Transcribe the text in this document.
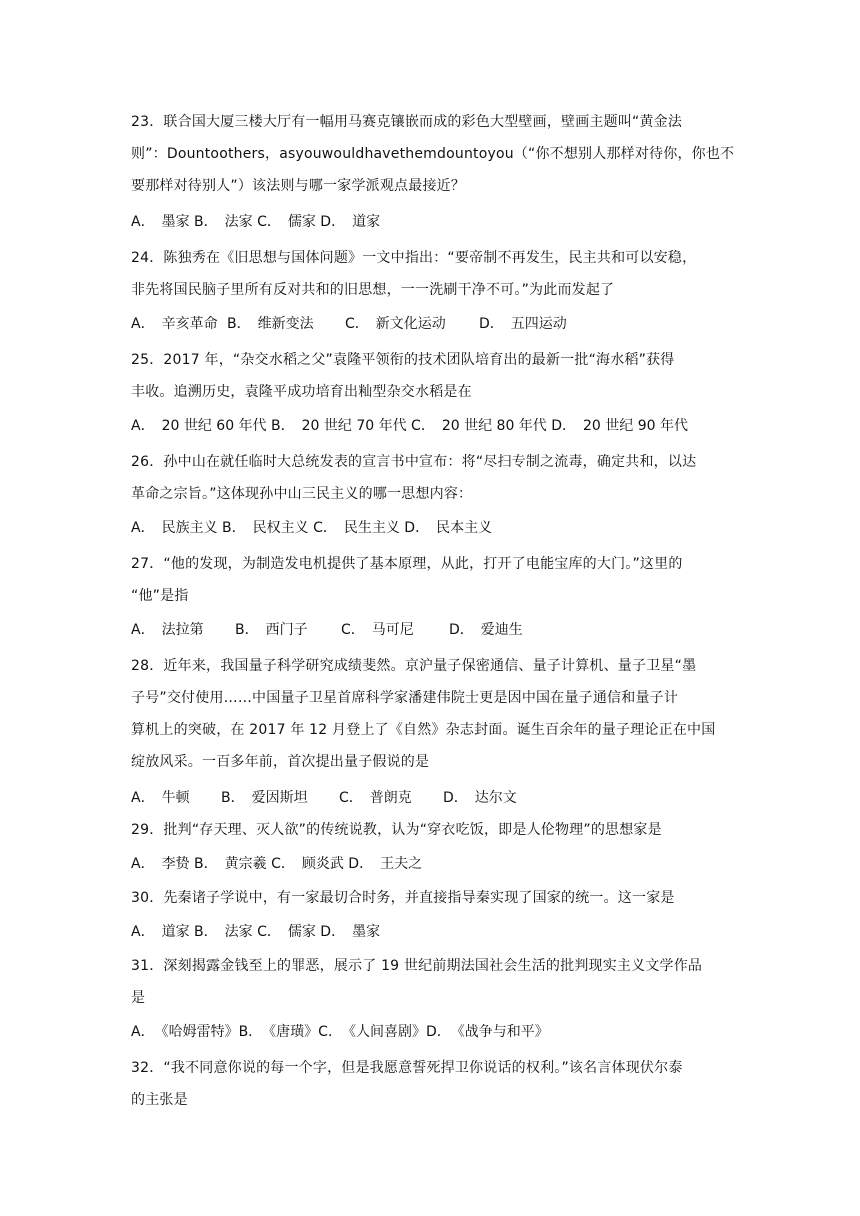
23．联合国大厦三楼大厅有一幅用马赛克镶嵌而成的彩色大型壁画，壁画主题叫“黄金法
则”：Dountoothers，asyouwouldhavethemdountoyou（“你不想别人那样对待你，你也不
要那样对待别人”）该法则与哪一家学派观点最接近？
A．　墨家 B．　法家 C．　儒家 D．　道家
24．陈独秀在《旧思想与国体问题》一文中指出：“要帝制不再发生，民主共和可以安稳，
非先将国民脑子里所有反对共和的旧思想，一一洗刷干净不可。”为此而发起了
A．　辛亥革命 B．　维新变法 C．　新文化运动 D．　五四运动
25．2017 年，“杂交水稻之父”袁隆平领衔的技术团队培育出的最新一批“海水稻”获得
丰收。追溯历史，袁隆平成功培育出籼型杂交水稻是在
A．　20 世纪 60 年代 B．　20 世纪 70 年代 C．　20 世纪 80 年代 D．　20 世纪 90 年代
26．孙中山在就任临时大总统发表的宣言书中宣布：将“尽扫专制之流毒，确定共和，以达
革命之宗旨。”这体现孙中山三民主义的哪一思想内容：
A．　民族主义 B．　民权主义 C．　民生主义 D．　民本主义
27．“他的发现，为制造发电机提供了基本原理，从此，打开了电能宝库的大门。”这里的
“他”是指
A．　法拉第 B．　西门子 C．　马可尼	D．　爱迪生
28．近年来，我国量子科学研究成绩斐然。京沪量子保密通信、量子计算机、量子卫星“墨
子号”交付使用……中国量子卫星首席科学家潘建伟院士更是因中国在量子通信和量子计
算机上的突破，在 2017 年 12 月登上了《自然》杂志封面。诞生百余年的量子理论正在中国
绽放风采。一百多年前，首次提出量子假说的是
A．　牛顿 B．　爱因斯坦 C．　普朗克 D．　达尔文
29．批判“存天理、灭人欲”的传统说教，认为“穿衣吃饭，即是人伦物理”的思想家是
A．　李贽 B．　黄宗羲 C．　顾炎武 D．　王夫之
30．先秦诸子学说中，有一家最切合时务，并直接指导秦实现了国家的统一。这一家是
A．　道家 B．　法家 C．　儒家 D．　墨家
31．深刻揭露金钱至上的罪恶，展示了 19 世纪前期法国社会生活的批判现实主义文学作品
是
A．　《哈姆雷特》B．　《唐璜》C．　《人间喜剧》D．　《战争与和平》
32．“我不同意你说的每一个字，但是我愿意誓死捍卫你说话的权利。”该名言体现伏尔泰
的主张是
